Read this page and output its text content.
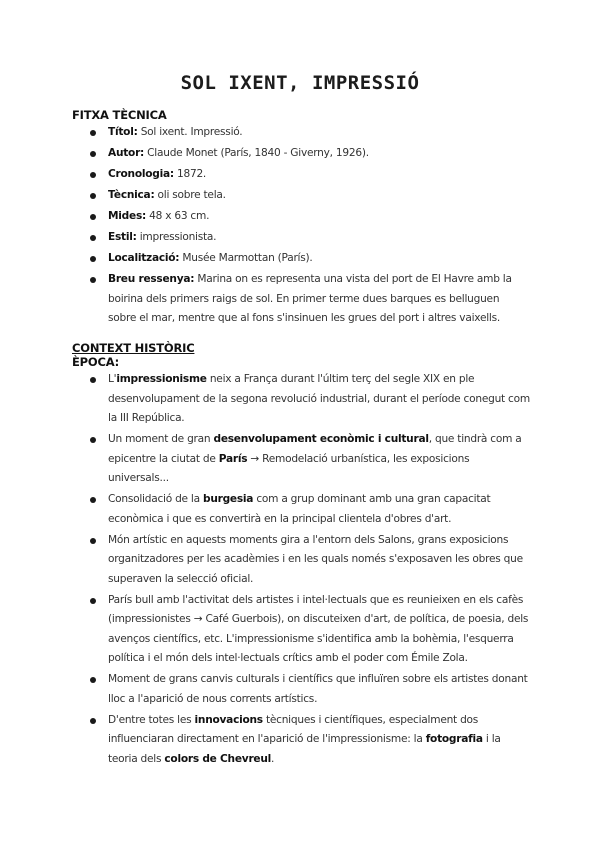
SOL IXENT, IMPRESSIÓ
FITXA TÈCNICA
Títol: Sol ixent. Impressió.
Autor: Claude Monet (París, 1840 - Giverny, 1926).
Cronologia: 1872.
Tècnica: oli sobre tela.
Mides: 48 x 63 cm.
Estil: impressionista.
Localització: Musée Marmottan (París).
Breu ressenya: Marina on es representa una vista del port de El Havre amb la boirina dels primers raigs de sol. En primer terme dues barques es belluguen sobre el mar, mentre que al fons s'insinuen les grues del port i altres vaixells.
CONTEXT HISTÒRIC
ÈPOCA:
L'impressionisme neix a França durant l'últim terç del segle XIX en ple desenvolupament de la segona revolució industrial, durant el període conegut com la III República.
Un moment de gran desenvolupament econòmic i cultural, que tindrà com a epicentre la ciutat de París → Remodelació urbanística, les exposicions universals...
Consolidació de la burgesia com a grup dominant amb una gran capacitat econòmica i que es convertirà en la principal clientela d'obres d'art.
Món artístic en aquests moments gira a l'entorn dels Salons, grans exposicions organitzadores per les acadèmies i en les quals només s'exposaven les obres que superaven la selecció oficial.
París bull amb l'activitat dels artistes i intel·lectuals que es reunieixen en els cafès (impressionistes → Café Guerbois), on discuteixen d'art, de política, de poesia, dels avenços científics, etc. L'impressionisme s'identifica amb la bohèmia, l'esquerra política i el món dels intel·lectuals crítics amb el poder com Émile Zola.
Moment de grans canvis culturals i científics que influïren sobre els artistes donant lloc a l'aparició de nous corrents artístics.
D'entre totes les innovacions tècniques i científiques, especialment dos influenciaran directament en l'aparició de l'impressionisme: la fotografia i la teoria dels colors de Chevreul.
